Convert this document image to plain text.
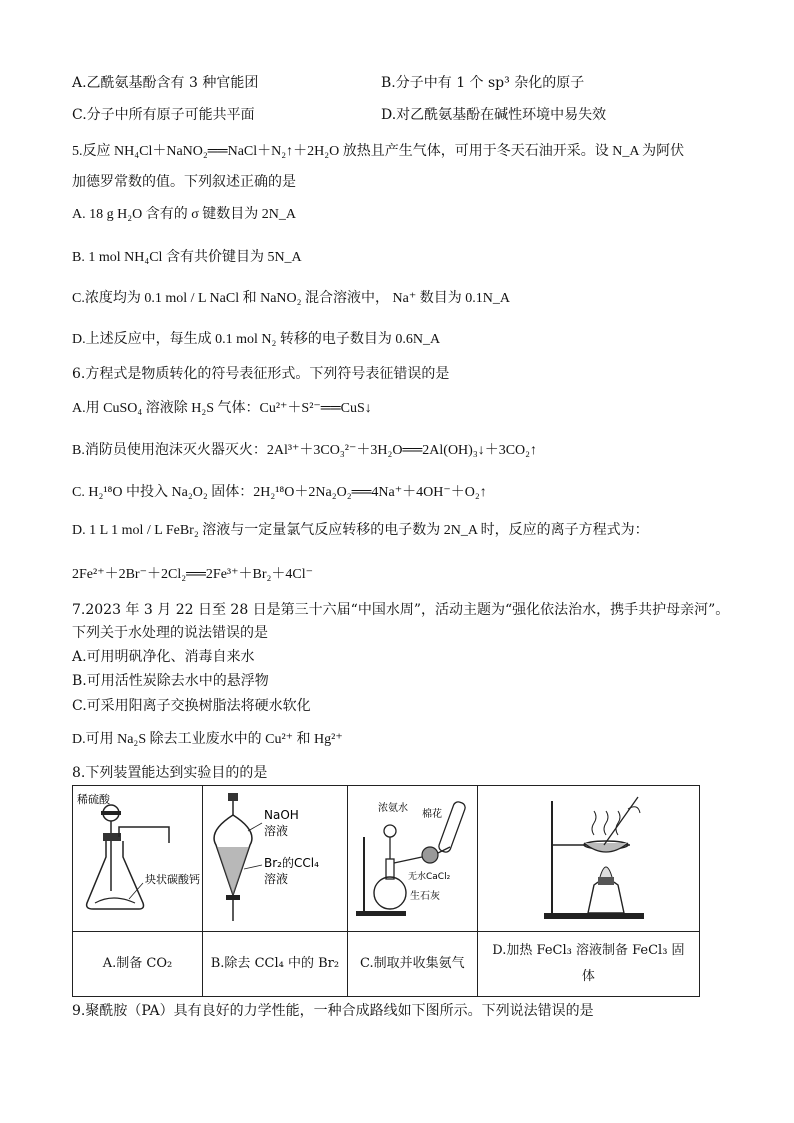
A.乙酰氨基酚含有 3 种官能团	B.分子中有 1 个 sp³ 杂化的原子
C.分子中所有原子可能共平面	D.对乙酰氨基酚在碱性环境中易失效
5.反应 NH₄Cl＋NaNO₂══NaCl＋N₂↑＋2H₂O 放热且产生气体，可用于冬天石油开采。设 N_A 为阿伏
加德罗常数的值。下列叙述正确的是
A. 18 g H₂O 含有的 σ 键数目为 2N_A
B. 1 mol NH₄Cl 含有共价键目为 5N_A
C.浓度均为 0.1 mol / L NaCl 和 NaNO₂ 混合溶液中， Na⁺ 数目为 0.1N_A
D.上述反应中，每生成 0.1 mol N₂ 转移的电子数目为 0.6N_A
6.方程式是物质转化的符号表征形式。下列符号表征错误的是
A.用 CuSO₄ 溶液除 H₂S 气体：Cu²⁺＋S²⁻══CuS↓
B.消防员使用泡沫灭火器灭火：2Al³⁺＋3CO₃²⁻＋3H₂O══2Al(OH)₃↓＋3CO₂↑
C. H₂¹⁸O 中投入 Na₂O₂ 固体：2H₂¹⁸O＋2Na₂O₂══4Na⁺＋4OH⁻＋O₂↑
D. 1 L 1 mol / L FeBr₂ 溶液与一定量氯气反应转移的电子数为 2N_A 时，反应的离子方程式为：
2Fe²⁺＋2Br⁻＋2Cl₂══2Fe³⁺＋Br₂＋4Cl⁻
7.2023 年 3 月 22 日至 28 日是第三十六届“中国水周”，活动主题为“强化依法治水，携手共护母亲河”。
下列关于水处理的说法错误的是
A.可用明矾净化、消毒自来水
B.可用活性炭除去水中的悬浮物
C.可采用阳离子交换树脂法将硬水软化
D.可用 Na₂S 除去工业废水中的 Cu²⁺ 和 Hg²⁺
8.下列装置能达到实验目的的是
稀硫酸
块状碳酸钙	NaOH
溶液
Br₂的CCl₄
溶液	浓氨水
棉花
无水CaCl₂
生石灰

A.制备 CO₂	B.除去 CCl₄ 中的 Br₂	C.制取并收集氨气	D.加热 FeCl₃ 溶液制备 FeCl₃ 固
体
9.聚酰胺（PA）具有良好的力学性能，一种合成路线如下图所示。下列说法错误的是
